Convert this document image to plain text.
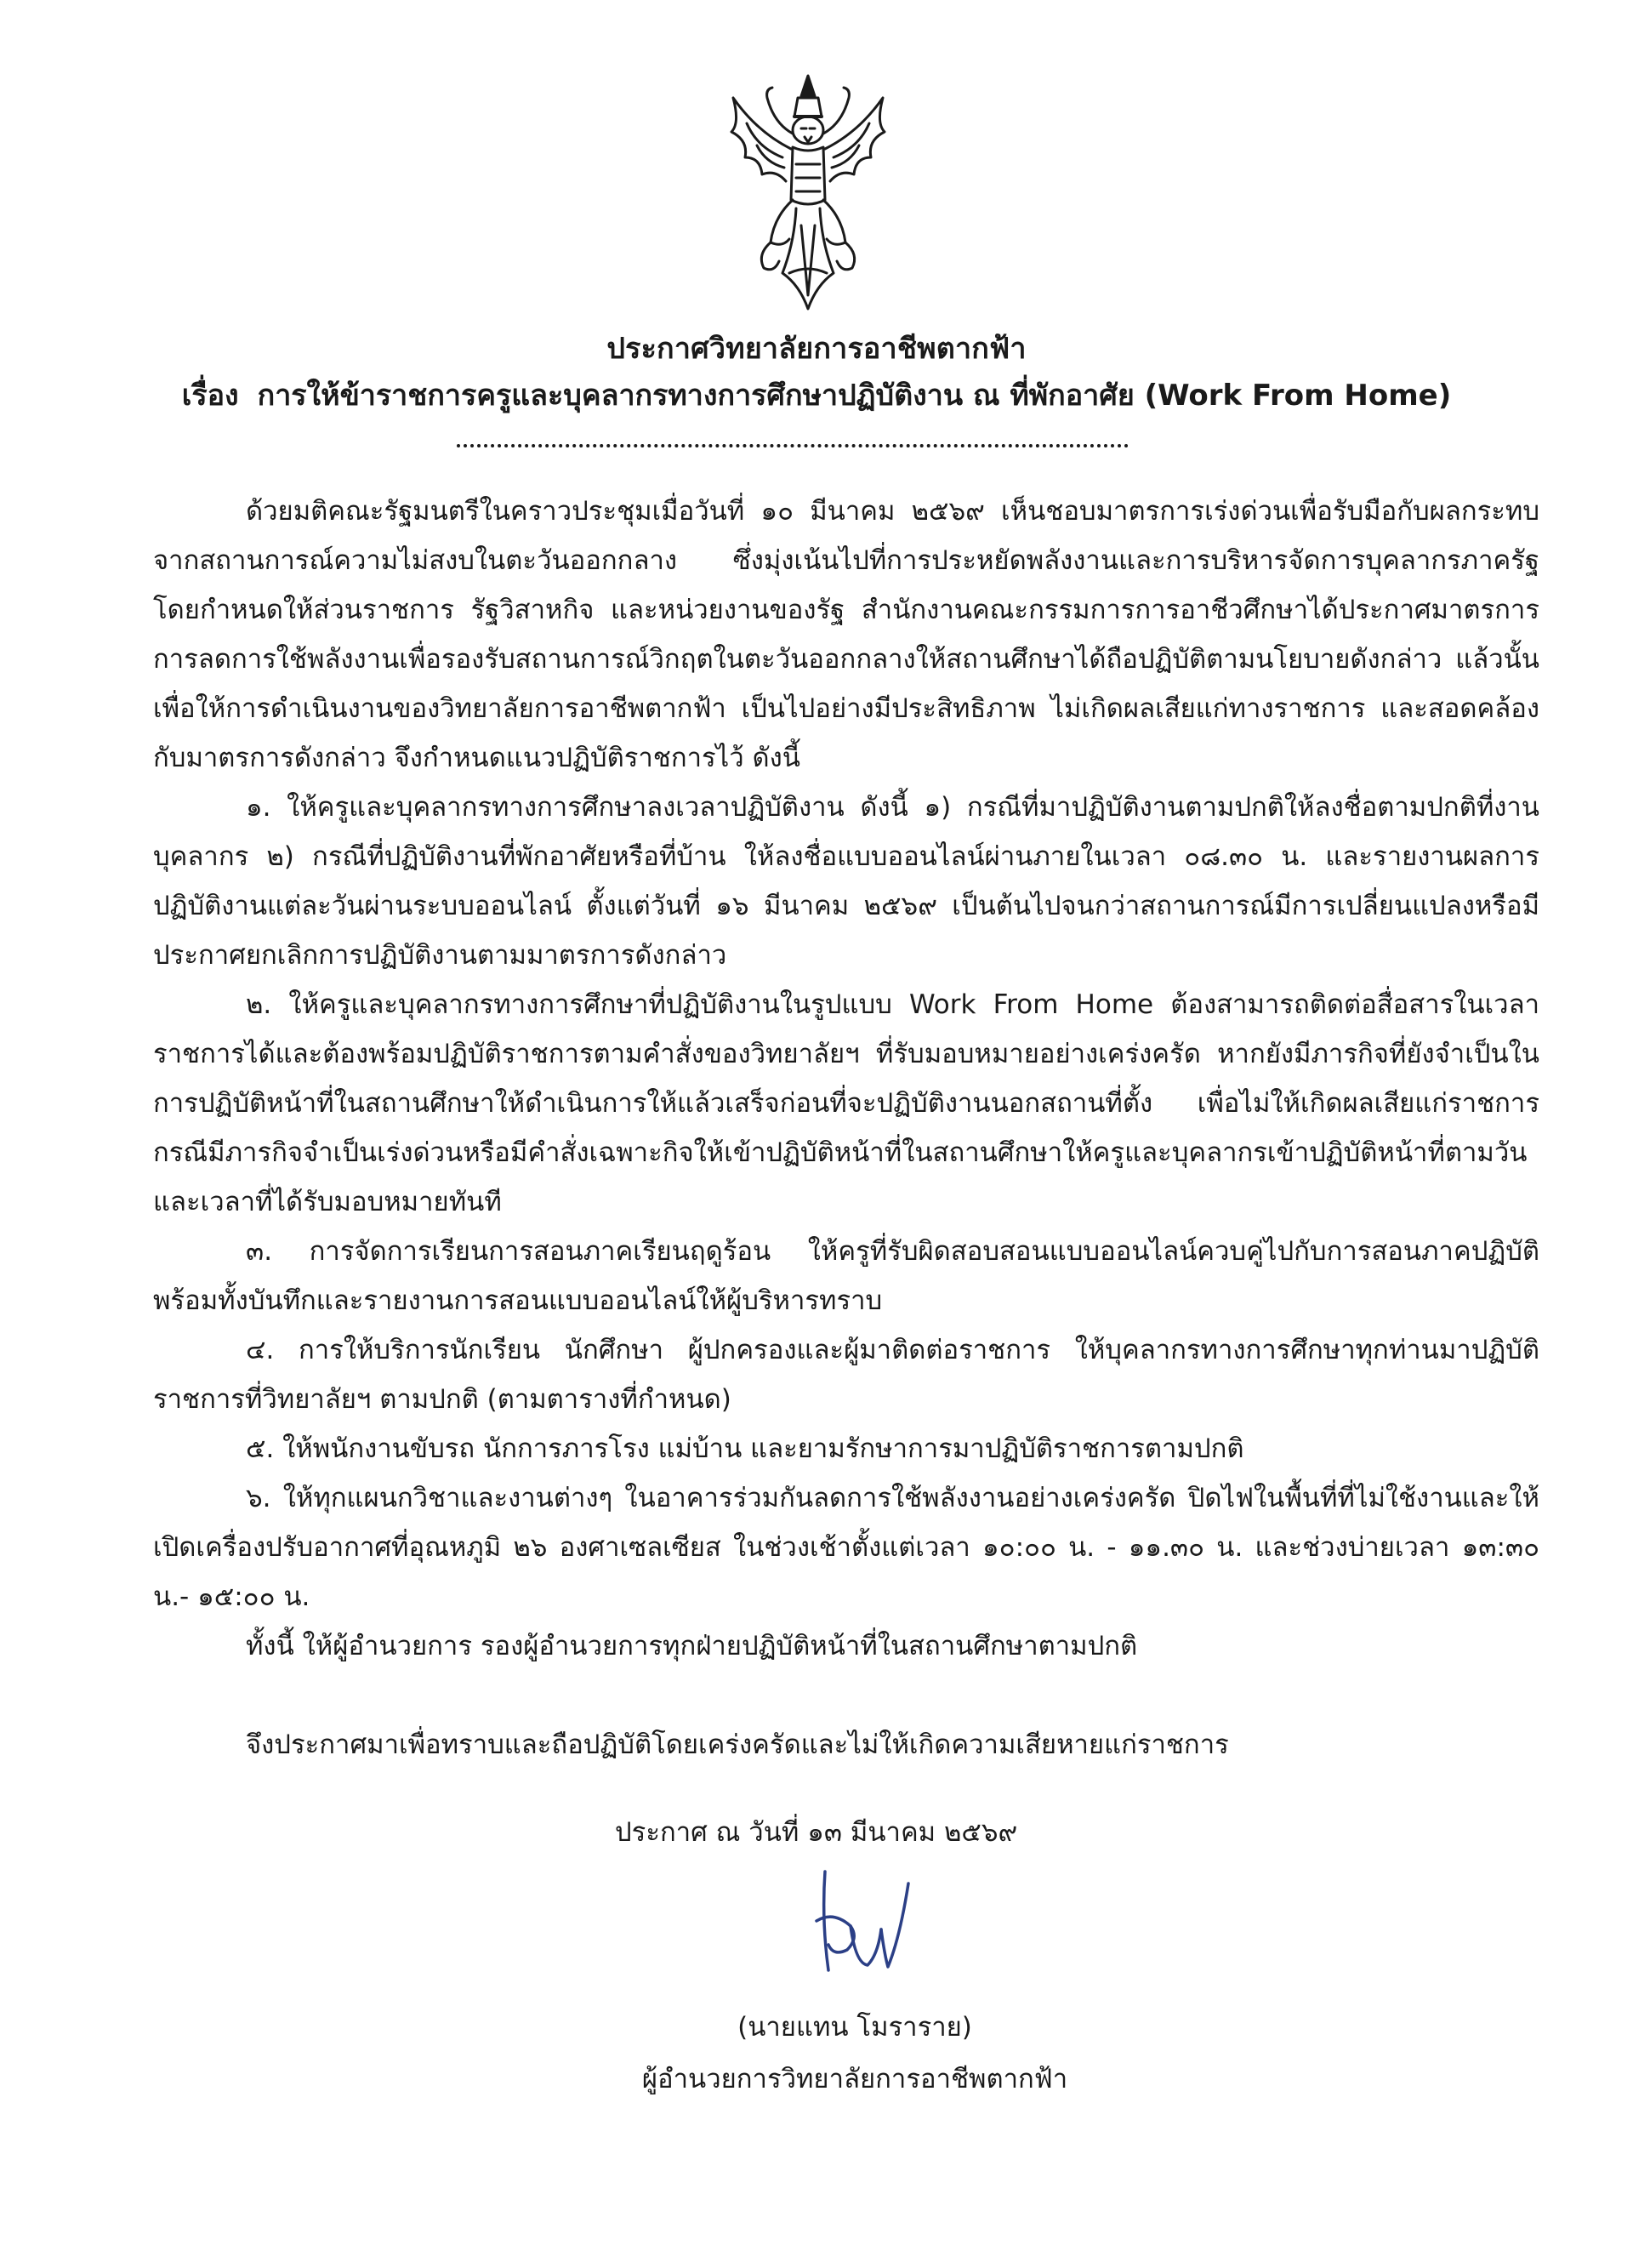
ประกาศวิทยาลัยการอาชีพตากฟ้า
เรื่อง การให้ข้าราชการครูและบุคลากรทางการศึกษาปฏิบัติงาน ณ ที่พักอาศัย (Work From Home)

ด้วยมติคณะรัฐมนตรีในคราวประชุมเมื่อวันที่ ๑๐ มีนาคม ๒๕๖๙ เห็นชอบมาตรการเร่งด่วนเพื่อรับมือกับผลกระทบจากสถานการณ์ความไม่สงบในตะวันออกกลาง ซึ่งมุ่งเน้นไปที่การประหยัดพลังงานและการบริหารจัดการบุคลากรภาครัฐ โดยกำหนดให้ส่วนราชการ รัฐวิสาหกิจ และหน่วยงานของรัฐ สำนักงานคณะกรรมการการอาชีวศึกษาได้ประกาศมาตรการการลดการใช้พลังงานเพื่อรองรับสถานการณ์วิกฤตในตะวันออกกลางให้สถานศึกษาได้ถือปฏิบัติตามนโยบายดังกล่าว แล้วนั้น เพื่อให้การดำเนินงานของวิทยาลัยการอาชีพตากฟ้า เป็นไปอย่างมีประสิทธิภาพ ไม่เกิดผลเสียแก่ทางราชการ และสอดคล้องกับมาตรการดังกล่าว จึงกำหนดแนวปฏิบัติราชการไว้ ดังนี้

๑. ให้ครูและบุคลากรทางการศึกษาลงเวลาปฏิบัติงาน ดังนี้ ๑) กรณีที่มาปฏิบัติงานตามปกติให้ลงชื่อตามปกติที่งานบุคลากร ๒) กรณีที่ปฏิบัติงานที่พักอาศัยหรือที่บ้าน ให้ลงชื่อแบบออนไลน์ผ่านภายในเวลา ๐๘.๓๐ น. และรายงานผลการปฏิบัติงานแต่ละวันผ่านระบบออนไลน์ ตั้งแต่วันที่ ๑๖ มีนาคม ๒๕๖๙ เป็นต้นไปจนกว่าสถานการณ์มีการเปลี่ยนแปลงหรือมีประกาศยกเลิกการปฏิบัติงานตามมาตรการดังกล่าว

๒. ให้ครูและบุคลากรทางการศึกษาที่ปฏิบัติงานในรูปแบบ Work From Home ต้องสามารถติดต่อสื่อสารในเวลาราชการได้และต้องพร้อมปฏิบัติราชการตามคำสั่งของวิทยาลัยฯ ที่รับมอบหมายอย่างเคร่งครัด หากยังมีภารกิจที่ยังจำเป็นในการปฏิบัติหน้าที่ในสถานศึกษาให้ดำเนินการให้แล้วเสร็จก่อนที่จะปฏิบัติงานนอกสถานที่ตั้ง เพื่อไม่ให้เกิดผลเสียแก่ราชการ กรณีมีภารกิจจำเป็นเร่งด่วนหรือมีคำสั่งเฉพาะกิจให้เข้าปฏิบัติหน้าที่ในสถานศึกษาให้ครูและบุคลากรเข้าปฏิบัติหน้าที่ตามวันและเวลาที่ได้รับมอบหมายทันที

๓. การจัดการเรียนการสอนภาคเรียนฤดูร้อน ให้ครูที่รับผิดสอบสอนแบบออนไลน์ควบคู่ไปกับการสอนภาคปฏิบัติพร้อมทั้งบันทึกและรายงานการสอนแบบออนไลน์ให้ผู้บริหารทราบ

๔. การให้บริการนักเรียน นักศึกษา ผู้ปกครองและผู้มาติดต่อราชการ ให้บุคลากรทางการศึกษาทุกท่านมาปฏิบัติราชการที่วิทยาลัยฯ ตามปกติ (ตามตารางที่กำหนด)

๕. ให้พนักงานขับรถ นักการภารโรง แม่บ้าน และยามรักษาการมาปฏิบัติราชการตามปกติ

๖. ให้ทุกแผนกวิชาและงานต่างๆ ในอาคารร่วมกันลดการใช้พลังงานอย่างเคร่งครัด ปิดไฟในพื้นที่ที่ไม่ใช้งานและให้เปิดเครื่องปรับอากาศที่อุณหภูมิ ๒๖ องศาเซลเซียส ในช่วงเช้าตั้งแต่เวลา ๑๐:๐๐ น. - ๑๑.๓๐ น. และช่วงบ่ายเวลา ๑๓:๓๐ น.- ๑๕:๐๐ น.

ทั้งนี้ ให้ผู้อำนวยการ รองผู้อำนวยการทุกฝ่ายปฏิบัติหน้าที่ในสถานศึกษาตามปกติ

จึงประกาศมาเพื่อทราบและถือปฏิบัติโดยเคร่งครัดและไม่ให้เกิดความเสียหายแก่ราชการ

ประกาศ ณ วันที่ ๑๓ มีนาคม ๒๕๖๙
(นายแทน โมราราย)
ผู้อำนวยการวิทยาลัยการอาชีพตากฟ้า
